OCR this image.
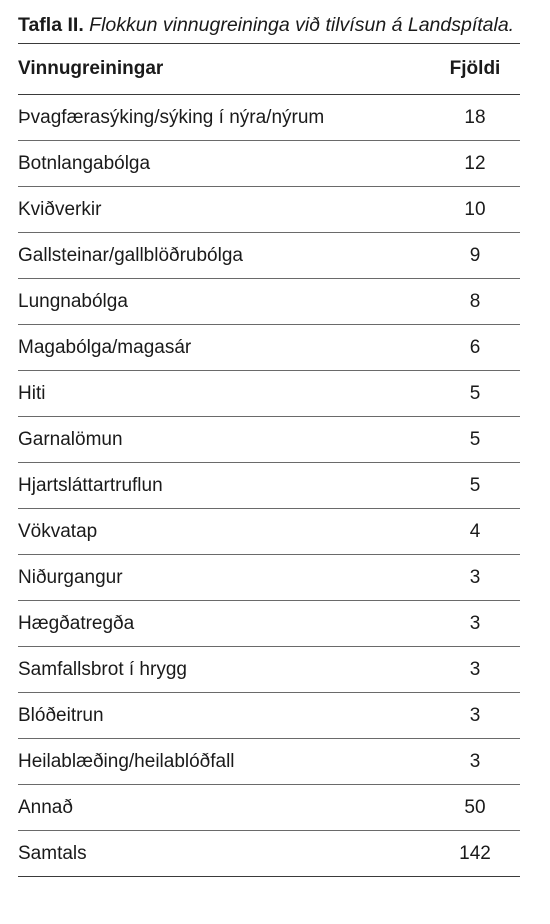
Tafla II. Flokkun vinnugreininga við tilvísun á Landspítala.
Vinnugreiningar	Fjöldi
Þvagfærasýking/sýking í nýra/nýrum	18
Botnlangabólga	12
Kviðverkir	10
Gallsteinar/gallblöðrubólga	9
Lungnabólga	8
Magabólga/magasár	6
Hiti	5
Garnalömun	5
Hjartsláttartruflun	5
Vökvatap	4
Niðurgangur	3
Hægðatregða	3
Samfallsbrot í hrygg	3
Blóðeitrun	3
Heilablæðing/heilablóðfall	3
Annað	50
Samtals	142
